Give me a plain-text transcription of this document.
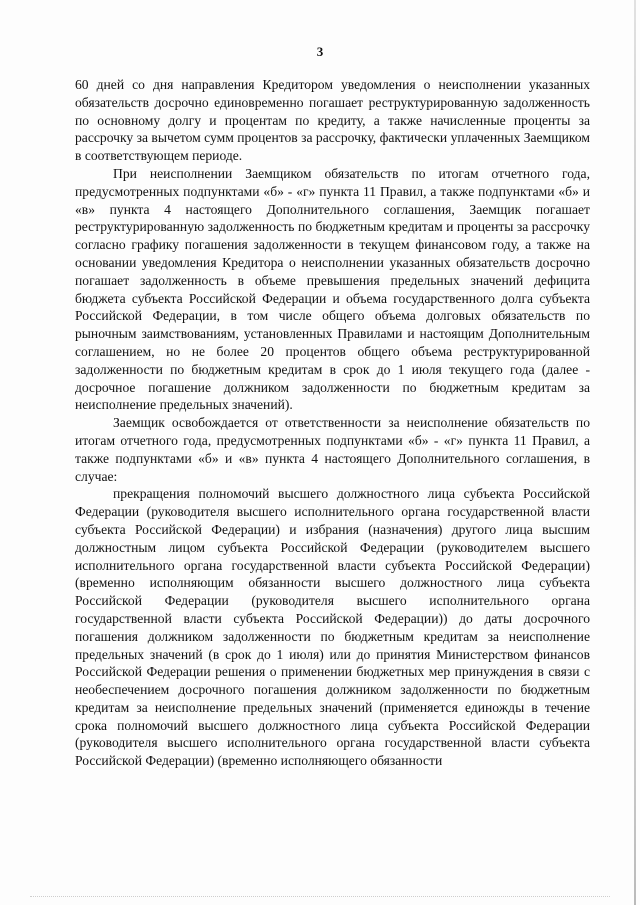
3

60 дней со дня направления Кредитором уведомления о неисполнении указанных обязательств досрочно единовременно погашает реструктурированную задолженность по основному долгу и процентам по кредиту, а также начисленные проценты за рассрочку за вычетом сумм процентов за рассрочку, фактически уплаченных Заемщиком в соответствующем периоде.

При неисполнении Заемщиком обязательств по итогам отчетного года, предусмотренных подпунктами «б» - «г» пункта 11 Правил, а также подпунктами «б» и «в» пункта 4 настоящего Дополнительного соглашения, Заемщик погашает реструктурированную задолженность по бюджетным кредитам и проценты за рассрочку согласно графику погашения задолженности в текущем финансовом году, а также на основании уведомления Кредитора о неисполнении указанных обязательств досрочно погашает задолженность в объеме превышения предельных значений дефицита бюджета субъекта Российской Федерации и объема государственного долга субъекта Российской Федерации, в том числе общего объема долговых обязательств по рыночным заимствованиям, установленных Правилами и настоящим Дополнительным соглашением, но не более 20 процентов общего объема реструктурированной задолженности по бюджетным кредитам в срок до 1 июля текущего года (далее - досрочное погашение должником задолженности по бюджетным кредитам за неисполнение предельных значений).

Заемщик освобождается от ответственности за неисполнение обязательств по итогам отчетного года, предусмотренных подпунктами «б» - «г» пункта 11 Правил, а также подпунктами «б» и «в» пункта 4 настоящего Дополнительного соглашения, в случае:

прекращения полномочий высшего должностного лица субъекта Российской Федерации (руководителя высшего исполнительного органа государственной власти субъекта Российской Федерации) и избрания (назначения) другого лица высшим должностным лицом субъекта Российской Федерации (руководителем высшего исполнительного органа государственной власти субъекта Российской Федерации) (временно исполняющим обязанности высшего должностного лица субъекта Российской Федерации (руководителя высшего исполнительного органа государственной власти субъекта Российской Федерации)) до даты досрочного погашения должником задолженности по бюджетным кредитам за неисполнение предельных значений (в срок до 1 июля) или до принятия Министерством финансов Российской Федерации решения о применении бюджетных мер принуждения в связи с необеспечением досрочного погашения должником задолженности по бюджетным кредитам за неисполнение предельных значений (применяется единожды в течение срока полномочий высшего должностного лица субъекта Российской Федерации (руководителя высшего исполнительного органа государственной власти субъекта Российской Федерации) (временно исполняющего обязанности
